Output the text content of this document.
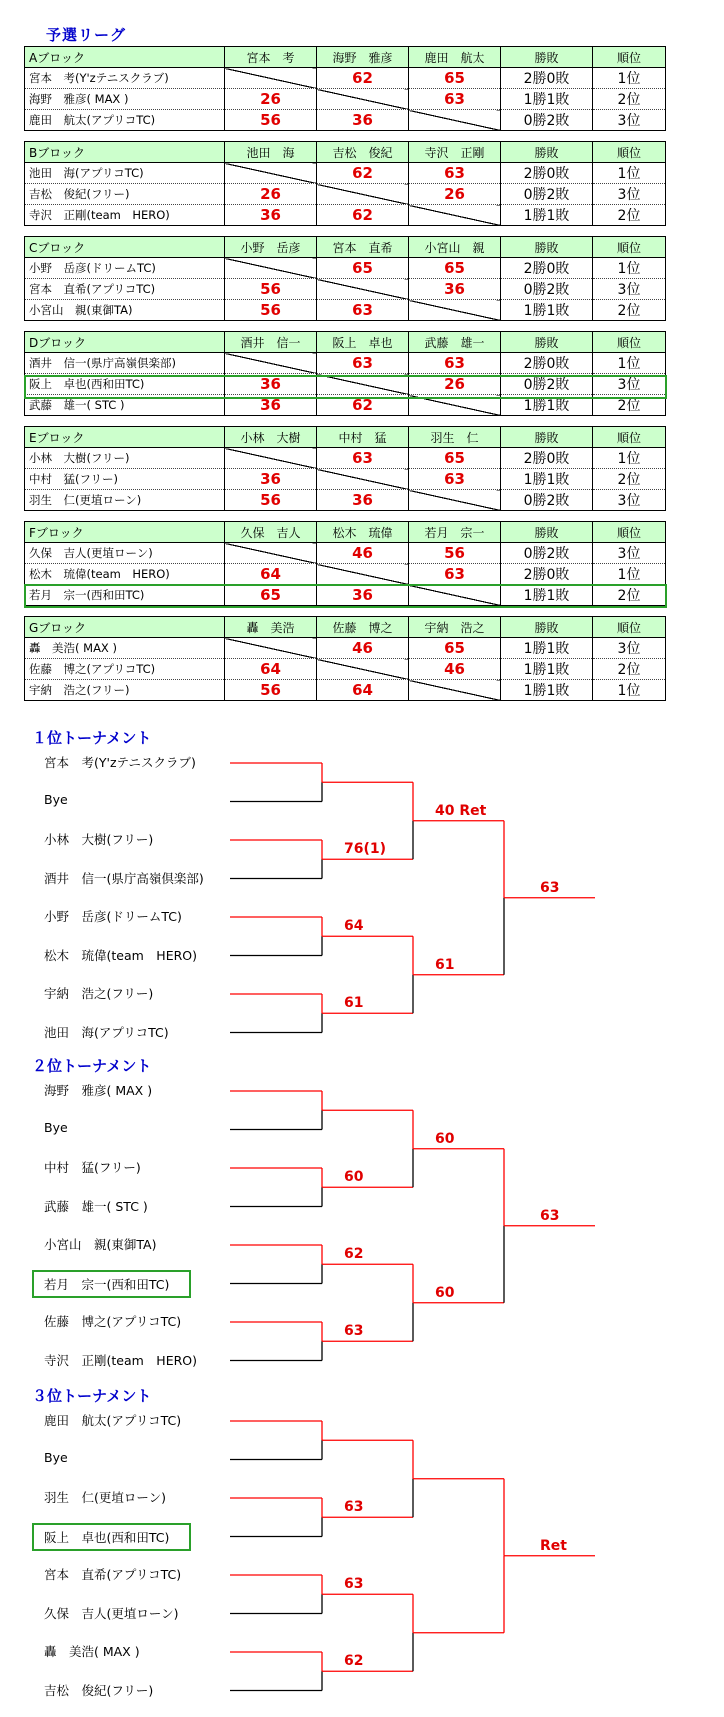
予選リーグ
Aブロック	宮本　考	海野　雅彦	鹿田　航太	勝敗	順位
宮本　考(Y'zテニスクラブ)		62	65	2勝0敗	1位
海野　雅彦( MAX )	26		63	1勝1敗	2位
鹿田　航太(アプリコTC)	56	36		0勝2敗	3位
Bブロック	池田　海	吉松　俊紀	寺沢　正剛	勝敗	順位
池田　海(アプリコTC)		62	63	2勝0敗	1位
吉松　俊紀(フリー)	26		26	0勝2敗	3位
寺沢　正剛(team　HERO)	36	62		1勝1敗	2位
Cブロック	小野　岳彦	宮本　直希	小宮山　親	勝敗	順位
小野　岳彦(ドリームTC)		65	65	2勝0敗	1位
宮本　直希(アプリコTC)	56		36	0勝2敗	3位
小宮山　親(東御TA)	56	63		1勝1敗	2位
Dブロック	酒井　信一	阪上　卓也	武藤　雄一	勝敗	順位
酒井　信一(県庁高嶺倶楽部)		63	63	2勝0敗	1位
阪上　卓也(西和田TC)	36		26	0勝2敗	3位
武藤　雄一( STC )	36	62		1勝1敗	2位
Eブロック	小林　大樹	中村　猛	羽生　仁	勝敗	順位
小林　大樹(フリー)		63	65	2勝0敗	1位
中村　猛(フリー)	36		63	1勝1敗	2位
羽生　仁(更埴ローン)	56	36		0勝2敗	3位
Fブロック	久保　吉人	松木　琉偉	若月　宗一	勝敗	順位
久保　吉人(更埴ローン)		46	56	0勝2敗	3位
松木　琉偉(team　HERO)	64		63	2勝0敗	1位
若月　宗一(西和田TC)	65	36		1勝1敗	2位
Gブロック	轟　美浩	佐藤　博之	宇納　浩之	勝敗	順位
轟　美浩( MAX )		46	65	1勝1敗	3位
佐藤　博之(アプリコTC)	64		46	1勝1敗	2位
宇納　浩之(フリー)	56	64		1勝1敗	1位
１位トーナメント
宮本　考(Y'zテニスクラブ)
Bye
小林　大樹(フリー)
酒井　信一(県庁高嶺倶楽部)
小野　岳彦(ドリームTC)
松木　琉偉(team　HERO)
宇納　浩之(フリー)
池田　海(アプリコTC)
76(1)
64
61
40 Ret
61
63
２位トーナメント
海野　雅彦( MAX )
Bye
中村　猛(フリー)
武藤　雄一( STC )
小宮山　親(東御TA)
若月　宗一(西和田TC)
佐藤　博之(アプリコTC)
寺沢　正剛(team　HERO)
60
62
63
60
60
63
３位トーナメント
鹿田　航太(アプリコTC)
Bye
羽生　仁(更埴ローン)
阪上　卓也(西和田TC)
宮本　直希(アプリコTC)
久保　吉人(更埴ローン)
轟　美浩( MAX )
吉松　俊紀(フリー)
63
63
62
Ret
